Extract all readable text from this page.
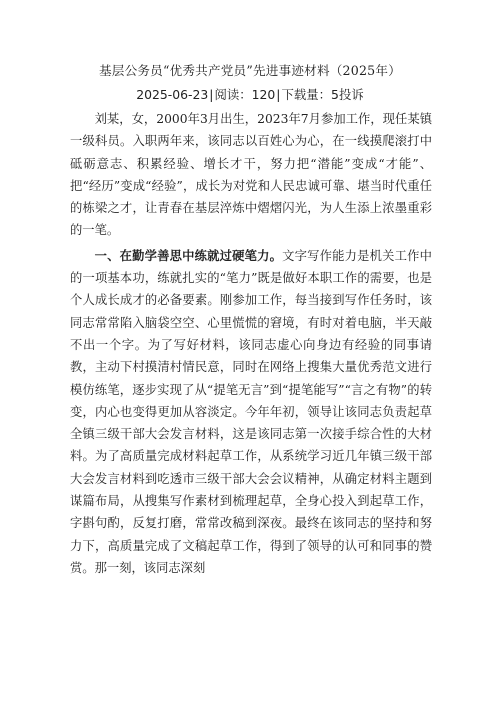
基层公务员“优秀共产党员”先进事迹材料（2025年）
2025-06-23|阅读：120|下载量：5投诉

刘某，女，2000年3月出生，2023年7月参加工作，现任某镇一级科员。入职两年来，该同志以百姓心为心，在一线摸爬滚打中砥砺意志、积累经验、增长才干，努力把“潜能”变成“才能”、把“经历”变成“经验”，成长为对党和人民忠诚可靠、堪当时代重任的栋梁之才，让青春在基层淬炼中熠熠闪光，为人生添上浓墨重彩的一笔。

一、在勤学善思中练就过硬笔力。文字写作能力是机关工作中的一项基本功，练就扎实的“笔力”既是做好本职工作的需要，也是个人成长成才的必备要素。刚参加工作，每当接到写作任务时，该同志常常陷入脑袋空空、心里慌慌的窘境，有时对着电脑，半天敲不出一个字。为了写好材料，该同志虚心向身边有经验的同事请教，主动下村摸清村情民意，同时在网络上搜集大量优秀范文进行模仿练笔，逐步实现了从“提笔无言”到“提笔能写”“言之有物”的转变，内心也变得更加从容淡定。今年年初，领导让该同志负责起草全镇三级干部大会发言材料，这是该同志第一次接手综合性的大材料。为了高质量完成材料起草工作，从系统学习近几年镇三级干部大会发言材料到吃透市三级干部大会会议精神，从确定材料主题到谋篇布局，从搜集写作素材到梳理起草，全身心投入到起草工作，字斟句酌，反复打磨，常常改稿到深夜。最终在该同志的坚持和努力下，高质量完成了文稿起草工作，得到了领导的认可和同事的赞赏。那一刻，该同志深刻
